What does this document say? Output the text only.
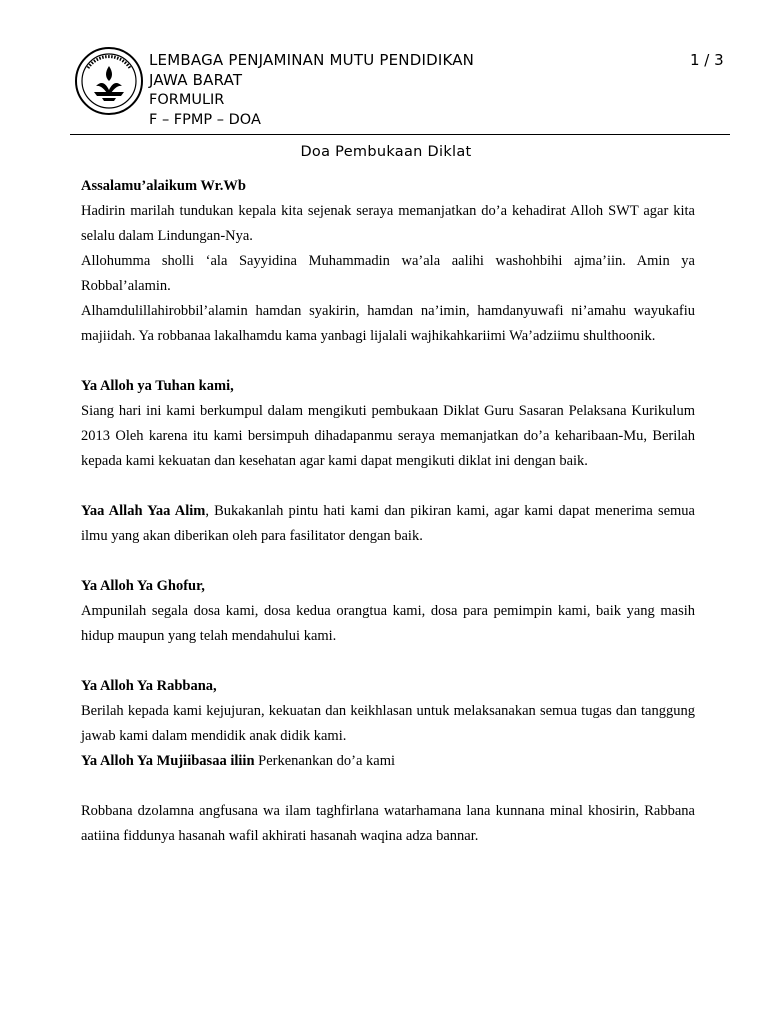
LEMBAGA PENJAMINAN MUTU PENDIDIKAN
JAWA BARAT
FORMULIR
F – FPMP – DOA
1 / 3
Doa Pembukaan Diklat

Assalamu’alaikum Wr.Wb

Hadirin marilah tundukan kepala kita sejenak seraya memanjatkan do’a kehadirat Alloh SWT agar kita selalu dalam Lindungan-Nya.

Allohumma sholli ‘ala Sayyidina Muhammadin wa’ala aalihi washohbihi ajma’iin. Amin ya Robbal’alamin.

Alhamdulillahirobbil’alamin hamdan syakirin, hamdan na’imin, hamdanyuwafi ni’amahu wayukafiu majiidah. Ya robbanaa lakalhamdu kama yanbagi lijalali wajhikahkariimi Wa’adziimu shulthoonik.

Ya Alloh ya Tuhan kami,

Siang hari ini kami berkumpul dalam mengikuti pembukaan Diklat Guru Sasaran Pelaksana Kurikulum 2013 Oleh karena itu kami bersimpuh dihadapanmu seraya memanjatkan do’a keharibaan-Mu, Berilah kepada kami kekuatan dan kesehatan agar kami dapat mengikuti diklat ini dengan baik.

Yaa Allah Yaa Alim, Bukakanlah pintu hati kami dan pikiran kami, agar kami dapat menerima semua ilmu yang akan diberikan oleh para fasilitator dengan baik.

Ya Alloh Ya Ghofur,

Ampunilah segala dosa kami, dosa kedua orangtua kami, dosa para pemimpin kami, baik yang masih hidup maupun yang telah mendahului kami.

Ya Alloh Ya Rabbana,

Berilah kepada kami kejujuran, kekuatan dan keikhlasan untuk melaksanakan semua tugas dan tanggung jawab kami dalam mendidik anak didik kami.

Ya Alloh Ya Mujiibasaa iliin Perkenankan do’a kami

Robbana dzolamna angfusana wa ilam taghfirlana watarhamana lana kunnana minal khosirin, Rabbana aatiina fiddunya hasanah wafil akhirati hasanah waqina adza bannar.
